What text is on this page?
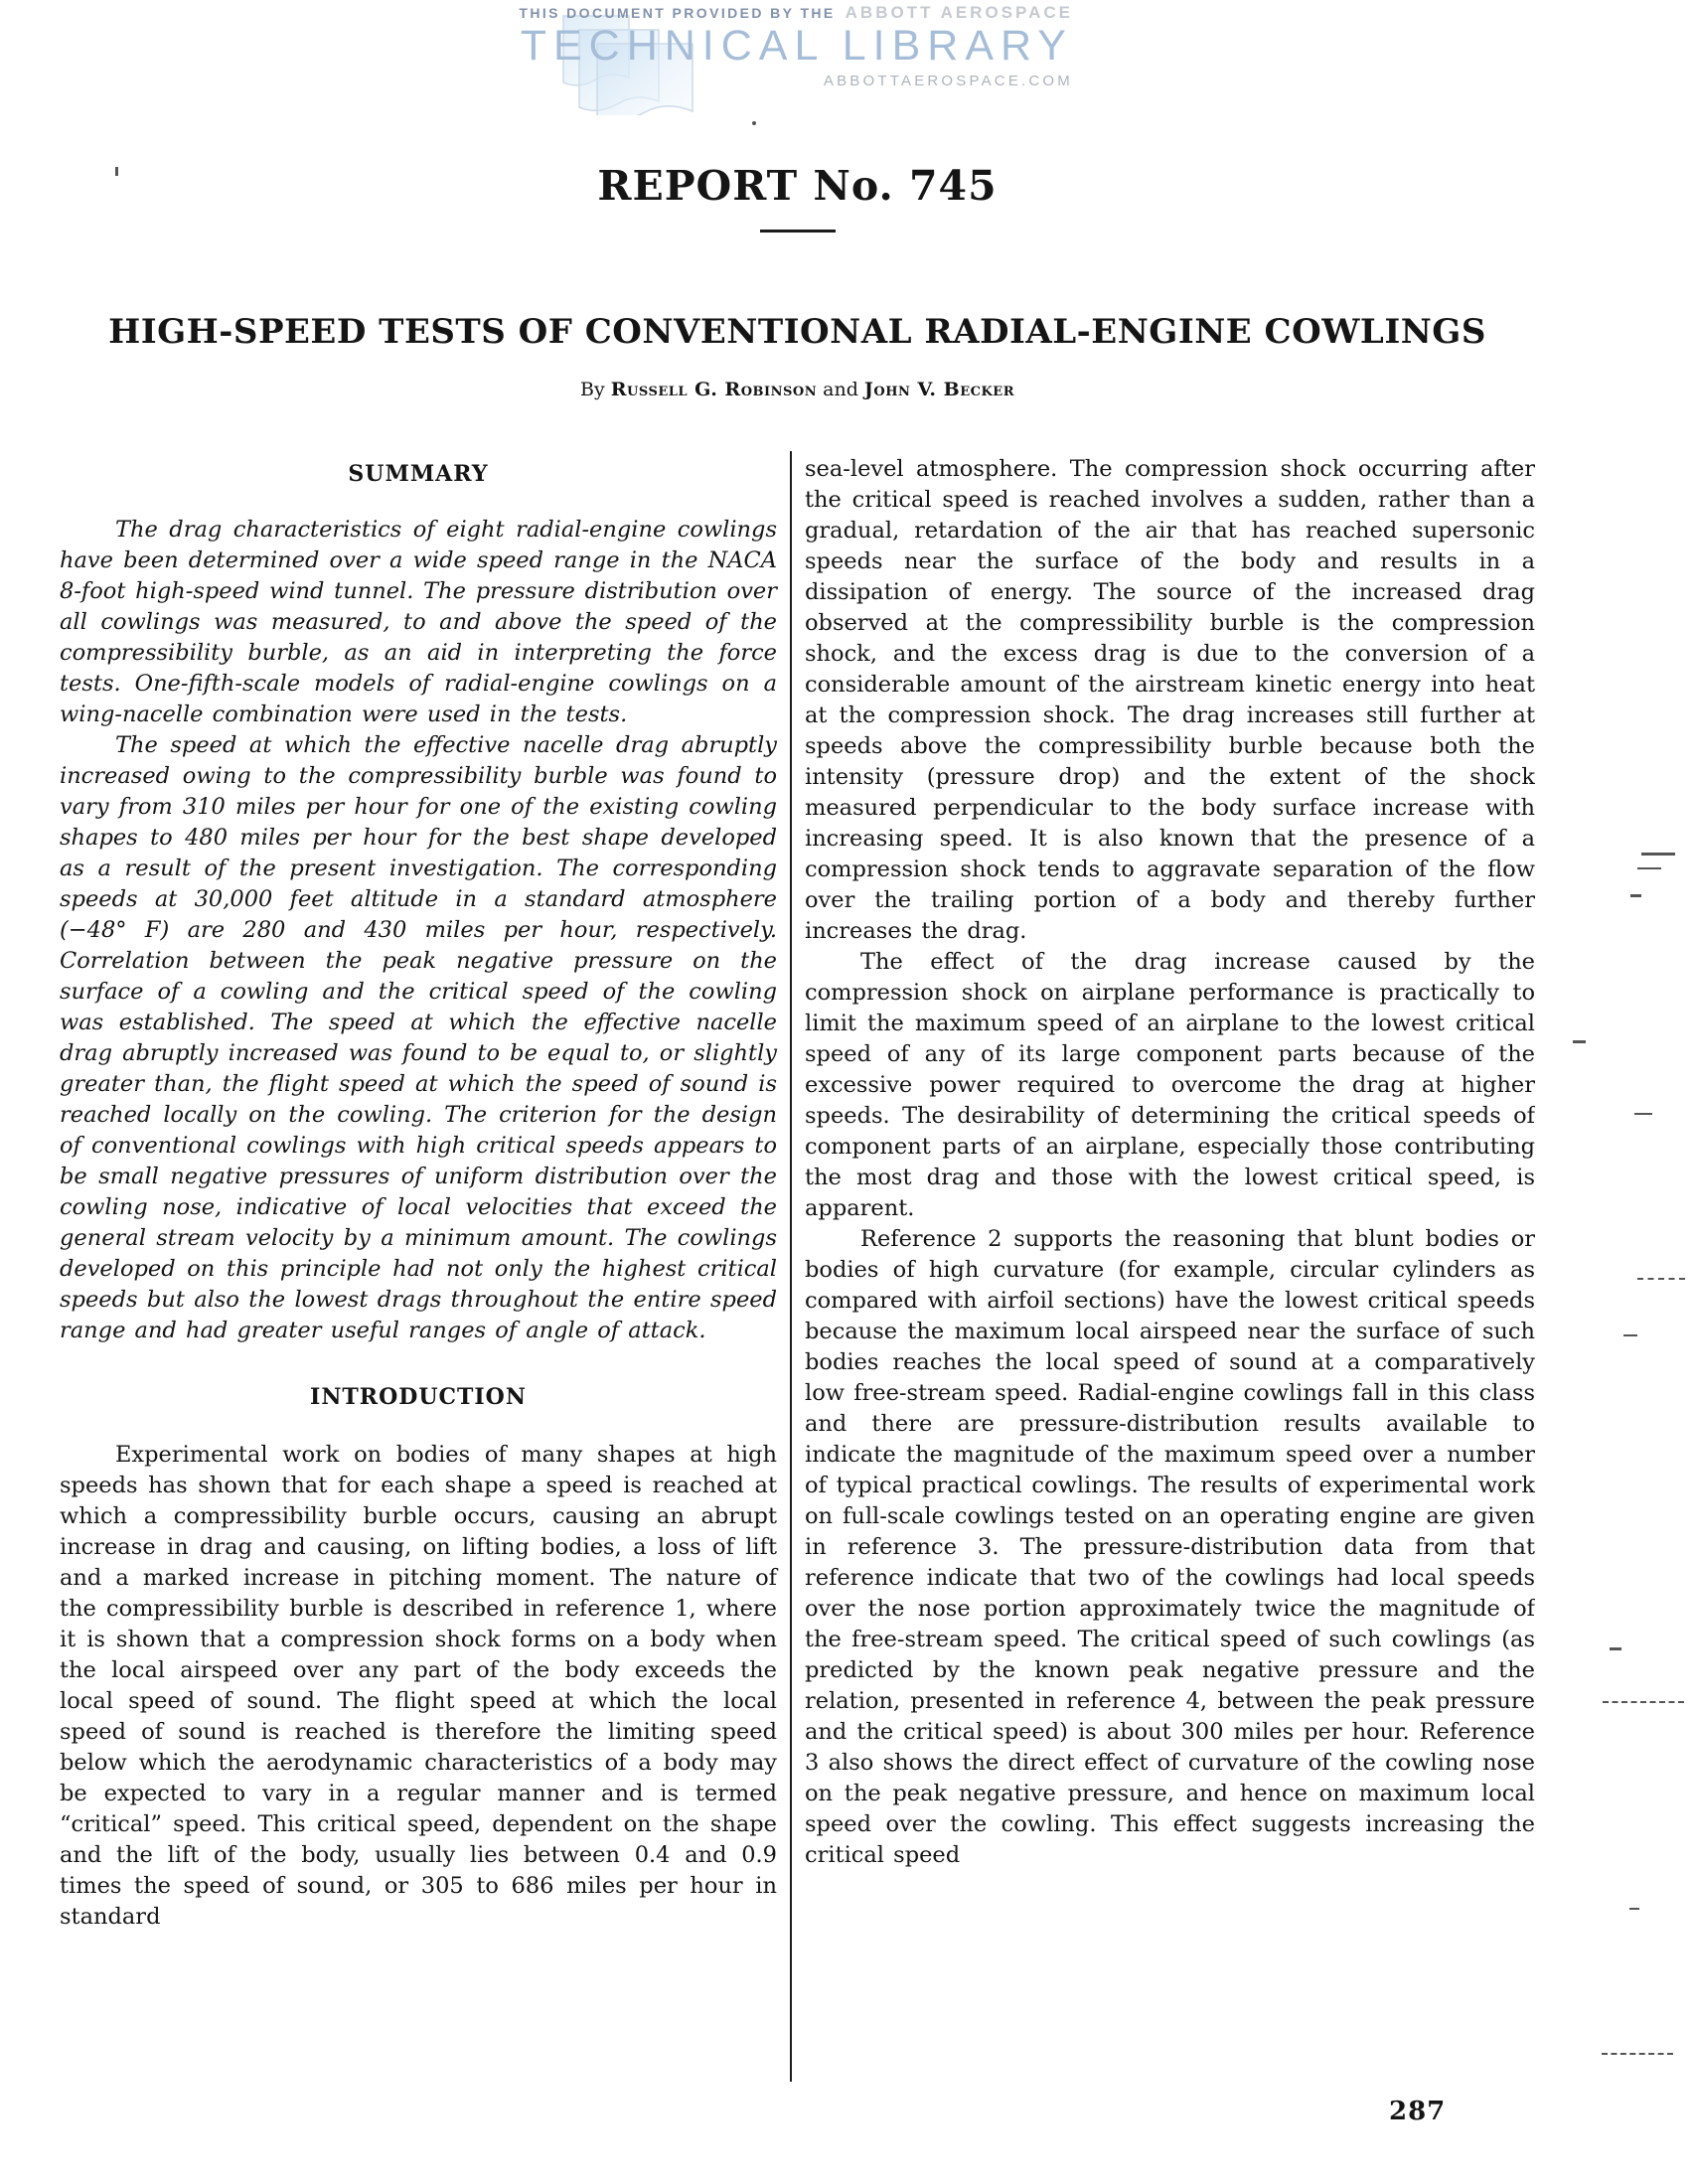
THIS DOCUMENT PROVIDED BY THE ABBOTT AEROSPACE
TECHNICAL LIBRARY
ABBOTTAEROSPACE.COM
REPORT No. 745
HIGH-SPEED TESTS OF CONVENTIONAL RADIAL-ENGINE COWLINGS
By Russell G. Robinson and John V. Becker
SUMMARY

The drag characteristics of eight radial-engine cowlings have been determined over a wide speed range in the NACA 8-foot high-speed wind tunnel. The pressure distribution over all cowlings was measured, to and above the speed of the compressibility burble, as an aid in interpreting the force tests. One-fifth-scale models of radial-engine cowlings on a wing-nacelle combination were used in the tests.

The speed at which the effective nacelle drag abruptly increased owing to the compressibility burble was found to vary from 310 miles per hour for one of the existing cowling shapes to 480 miles per hour for the best shape developed as a result of the present investigation. The corresponding speeds at 30,000 feet altitude in a standard atmosphere (−48° F) are 280 and 430 miles per hour, respectively. Correlation between the peak negative pressure on the surface of a cowling and the critical speed of the cowling was established. The speed at which the effective nacelle drag abruptly increased was found to be equal to, or slightly greater than, the flight speed at which the speed of sound is reached locally on the cowling. The criterion for the design of conventional cowlings with high critical speeds appears to be small negative pressures of uniform distribution over the cowling nose, indicative of local velocities that exceed the general stream velocity by a minimum amount. The cowlings developed on this principle had not only the highest critical speeds but also the lowest drags throughout the entire speed range and had greater useful ranges of angle of attack.

INTRODUCTION

Experimental work on bodies of many shapes at high speeds has shown that for each shape a speed is reached at which a compressibility burble occurs, causing an abrupt increase in drag and causing, on lifting bodies, a loss of lift and a marked increase in pitching moment. The nature of the compressibility burble is described in reference 1, where it is shown that a compression shock forms on a body when the local airspeed over any part of the body exceeds the local speed of sound. The flight speed at which the local speed of sound is reached is therefore the limiting speed below which the aerodynamic characteristics of a body may be expected to vary in a regular manner and is termed “critical” speed. This critical speed, dependent on the shape and the lift of the body, usually lies between 0.4 and 0.9 times the speed of sound, or 305 to 686 miles per hour in standard

sea-level atmosphere. The compression shock occurring after the critical speed is reached involves a sudden, rather than a gradual, retardation of the air that has reached supersonic speeds near the surface of the body and results in a dissipation of energy. The source of the increased drag observed at the compressibility burble is the compression shock, and the excess drag is due to the conversion of a considerable amount of the airstream kinetic energy into heat at the compression shock. The drag increases still further at speeds above the compressibility burble because both the intensity (pressure drop) and the extent of the shock measured perpendicular to the body surface increase with increasing speed. It is also known that the presence of a compression shock tends to aggravate separation of the flow over the trailing portion of a body and thereby further increases the drag.

The effect of the drag increase caused by the compression shock on airplane performance is practically to limit the maximum speed of an airplane to the lowest critical speed of any of its large component parts because of the excessive power required to overcome the drag at higher speeds. The desirability of determining the critical speeds of component parts of an airplane, especially those contributing the most drag and those with the lowest critical speed, is apparent.

Reference 2 supports the reasoning that blunt bodies or bodies of high curvature (for example, circular cylinders as compared with airfoil sections) have the lowest critical speeds because the maximum local airspeed near the surface of such bodies reaches the local speed of sound at a comparatively low free-stream speed. Radial-engine cowlings fall in this class and there are pressure-distribution results available to indicate the magnitude of the maximum speed over a number of typical practical cowlings. The results of experimental work on full-scale cowlings tested on an operating engine are given in reference 3. The pressure-distribution data from that reference indicate that two of the cowlings had local speeds over the nose portion approximately twice the magnitude of the free-stream speed. The critical speed of such cowlings (as predicted by the known peak negative pressure and the relation, presented in reference 4, between the peak pressure and the critical speed) is about 300 miles per hour. Reference 3 also shows the direct effect of curvature of the cowling nose on the peak negative pressure, and hence on maximum local speed over the cowling. This effect suggests increasing the critical speed

287
